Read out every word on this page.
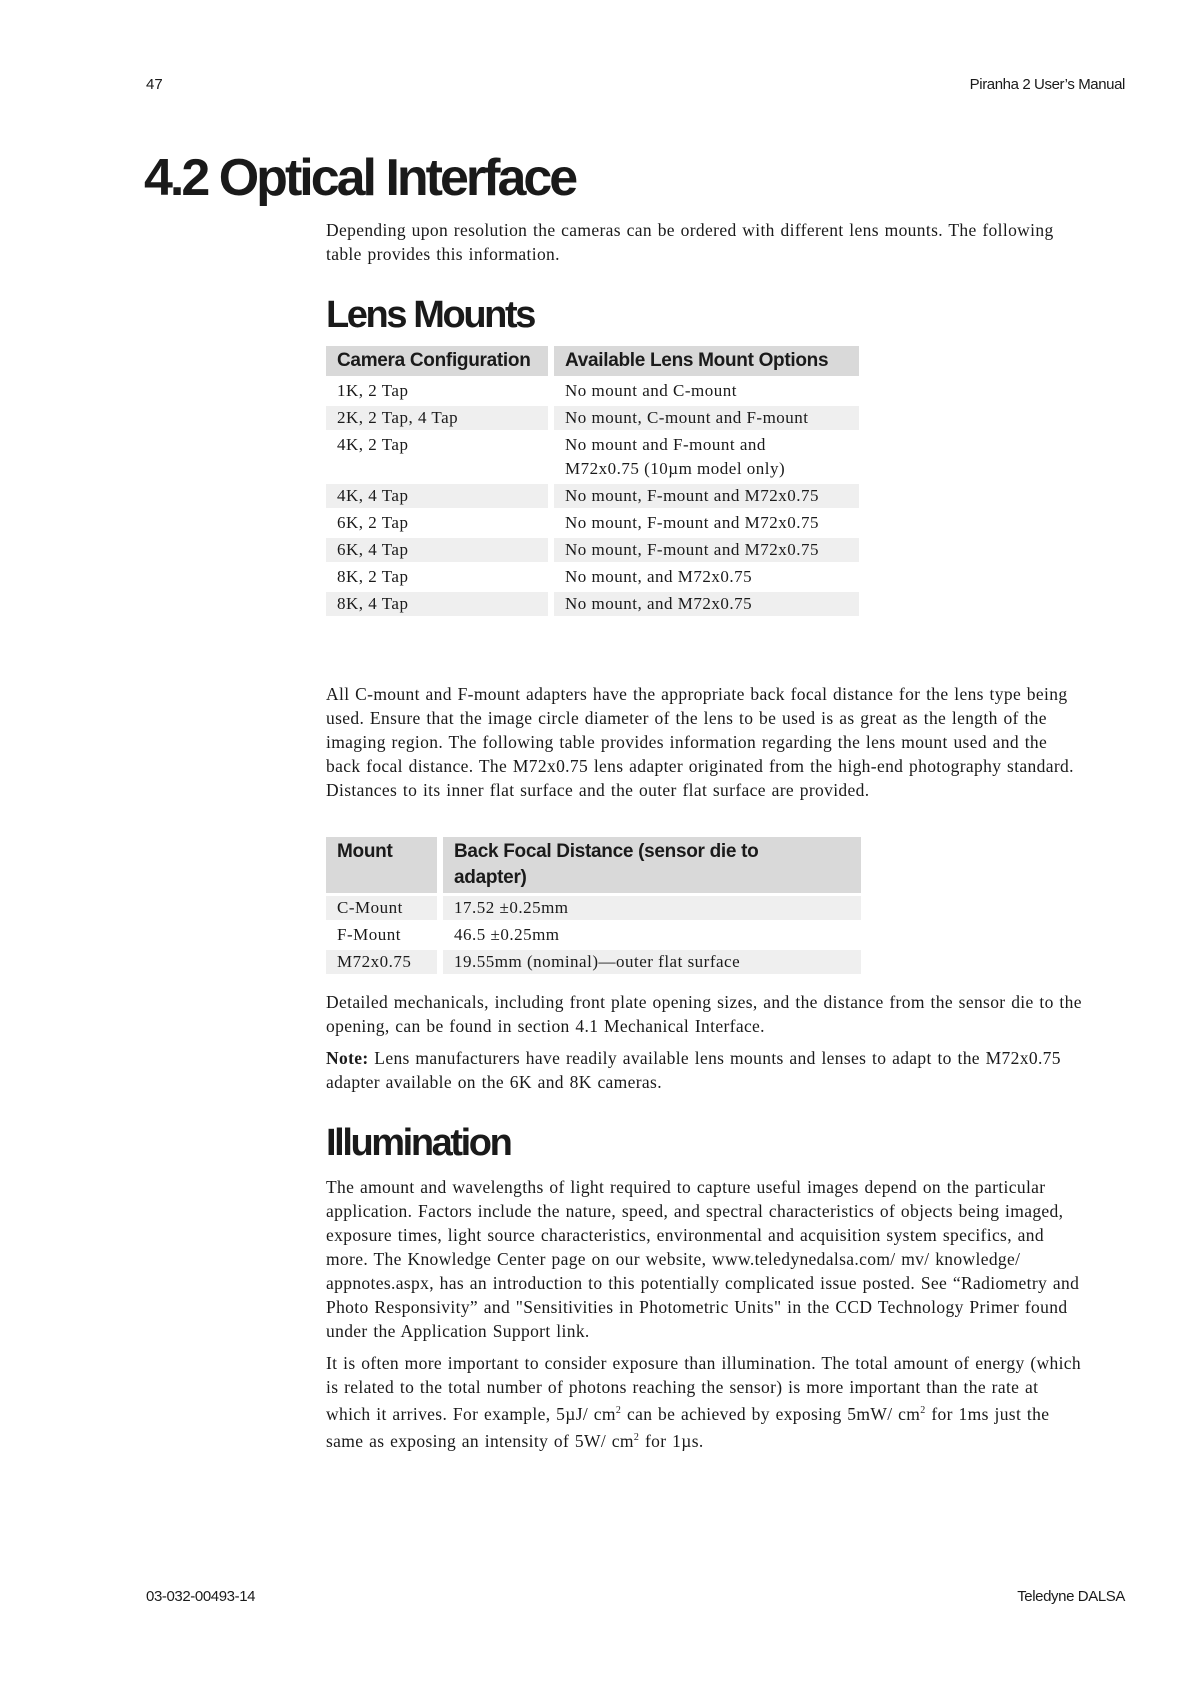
47	Piranha 2 User’s Manual
4.2 Optical Interface

Depending upon resolution the cameras can be ordered with different lens mounts. The following table provides this information.

Lens Mounts
Camera Configuration	Available Lens Mount Options
1K, 2 Tap	No mount and C-mount
2K, 2 Tap, 4 Tap	No mount, C-mount and F-mount
4K, 2 Tap	No mount and F-mount and M72x0.75 (10µm model only)
4K, 4 Tap	No mount, F-mount and M72x0.75
6K, 2 Tap	No mount, F-mount and M72x0.75
6K, 4 Tap	No mount, F-mount and M72x0.75
8K, 2 Tap	No mount, and M72x0.75
8K, 4 Tap	No mount, and M72x0.75

All C-mount and F-mount adapters have the appropriate back focal distance for the lens type being used. Ensure that the image circle diameter of the lens to be used is as great as the length of the imaging region. The following table provides information regarding the lens mount used and the back focal distance. The M72x0.75 lens adapter originated from the high-end photography standard. Distances to its inner flat surface and the outer flat surface are provided.

Mount	Back Focal Distance (sensor die to adapter)
C-Mount	17.52 ±0.25mm
F-Mount	46.5 ±0.25mm
M72x0.75	19.55mm (nominal)—outer flat surface

Detailed mechanicals, including front plate opening sizes, and the distance from the sensor die to the opening, can be found in section 4.1 Mechanical Interface.

Note: Lens manufacturers have readily available lens mounts and lenses to adapt to the M72x0.75 adapter available on the 6K and 8K cameras.

Illumination

The amount and wavelengths of light required to capture useful images depend on the particular application. Factors include the nature, speed, and spectral characteristics of objects being imaged, exposure times, light source characteristics, environmental and acquisition system specifics, and more. The Knowledge Center page on our website, www.teledynedalsa.com/ mv/ knowledge/ appnotes.aspx, has an introduction to this potentially complicated issue posted. See “Radiometry and Photo Responsivity” and "Sensitivities in Photometric Units" in the CCD Technology Primer found under the Application Support link.

It is often more important to consider exposure than illumination. The total amount of energy (which is related to the total number of photons reaching the sensor) is more important than the rate at which it arrives. For example, 5µJ/ $cm^2$ can be achieved by exposing 5mW/ $cm^2$ for 1ms just the same as exposing an intensity of 5W/ $cm^2$ for 1µs.

03-032-00493-14	Teledyne DALSA
